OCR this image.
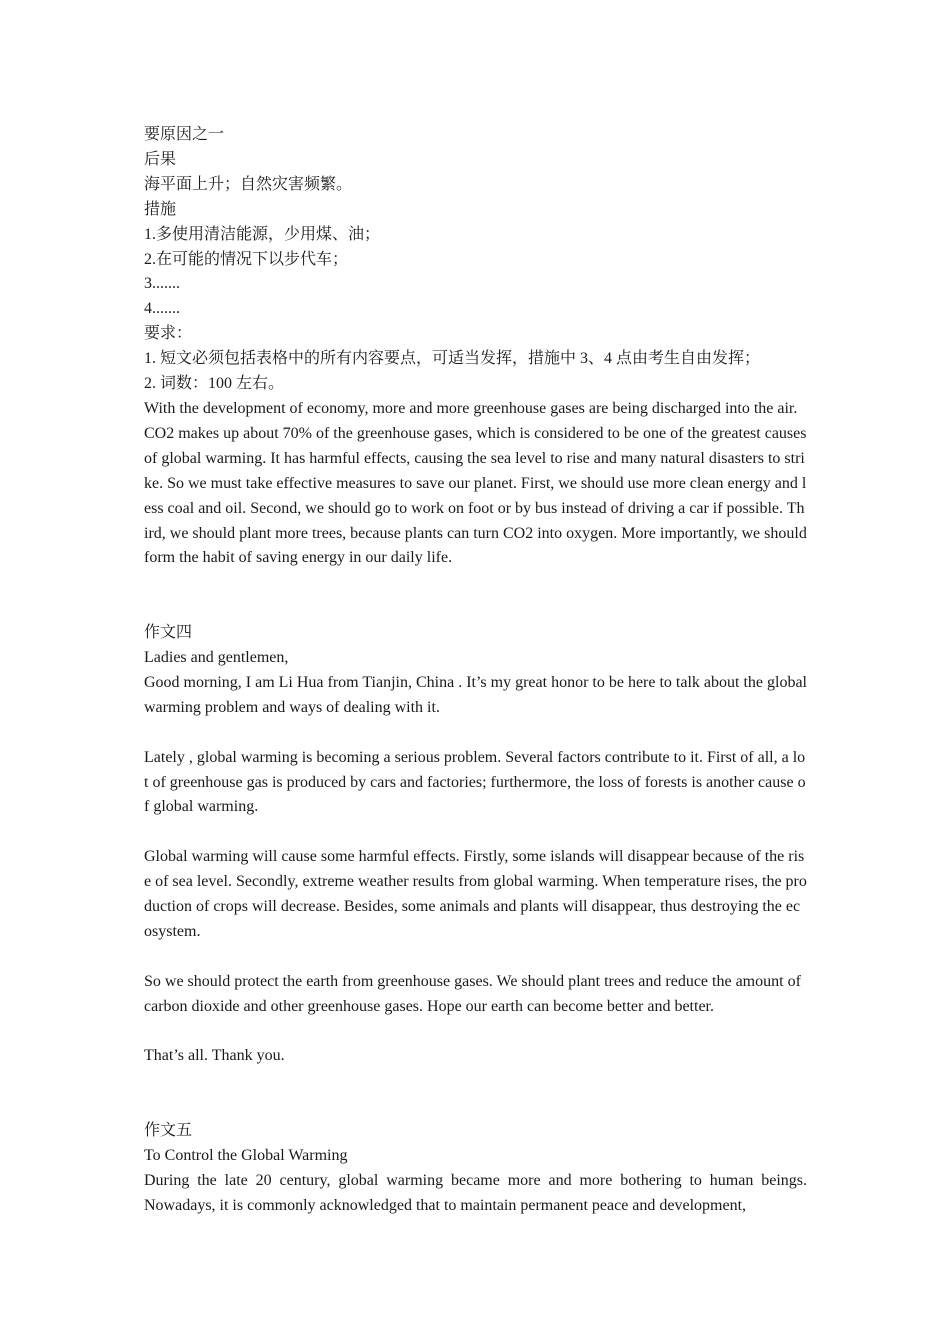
要原因之一
后果
海平面上升；自然灾害频繁。
措施
1.多使用清洁能源，少用煤、油；
2.在可能的情况下以步代车；
3.......
4.......
要求：
1. 短文必须包括表格中的所有内容要点，可适当发挥，措施中 3、4 点由考生自由发挥；
2. 词数：100 左右。
With the development of economy, more and more greenhouse gases are being discharged into the air. CO2 makes up about 70% of the greenhouse gases, which is considered to be one of the greatest causes of global warming. It has harmful effects, causing the sea level to rise and many natural disasters to strike. So we must take effective measures to save our planet. First, we should use more clean energy and less coal and oil. Second, we should go to work on foot or by bus instead of driving a car if possible. Third, we should plant more trees, because plants can turn CO2 into oxygen. More importantly, we should form the habit of saving energy in our daily life.
作文四
Ladies and gentlemen,
Good morning, I am Li Hua from Tianjin, China . It’s my great honor to be here to talk about the global warming problem and ways of dealing with it.
Lately , global warming is becoming a serious problem. Several factors contribute to it. First of all, a lot of greenhouse gas is produced by cars and factories; furthermore, the loss of forests is another cause of global warming.
Global warming will cause some harmful effects. Firstly, some islands will disappear because of the rise of sea level. Secondly, extreme weather results from global warming. When temperature rises, the production of crops will decrease. Besides, some animals and plants will disappear, thus destroying the ecosystem.
So we should protect the earth from greenhouse gases. We should plant trees and reduce the amount of carbon dioxide and other greenhouse gases. Hope our earth can become better and better.
That’s all. Thank you.
作文五
To Control the Global Warming
During the late 20 century, global warming became more and more bothering to human beings. Nowadays, it is commonly acknowledged that to maintain permanent peace and development,
